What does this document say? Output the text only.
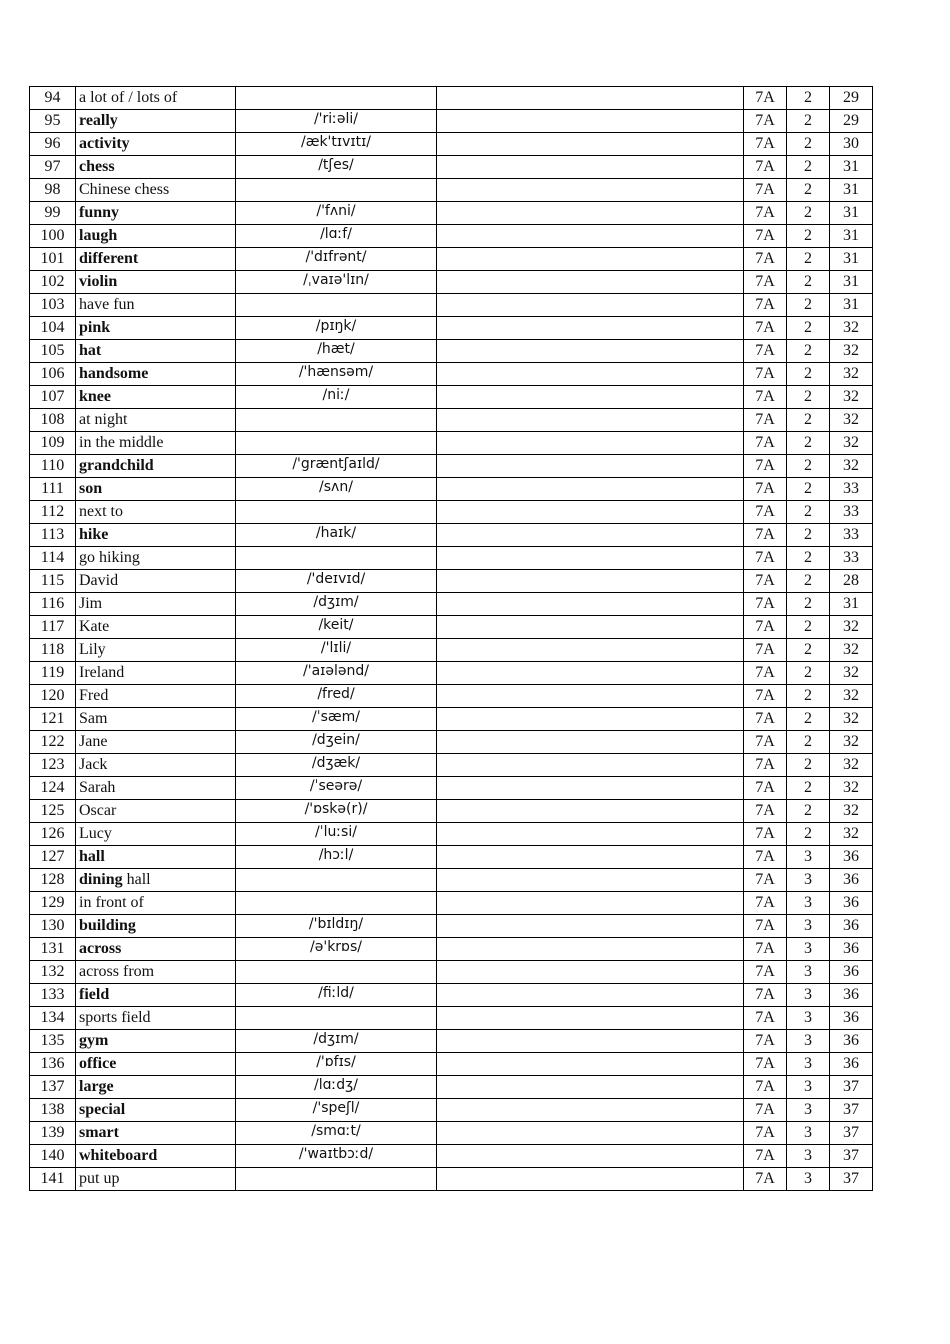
94	a lot of / lots of			7A	2	29
95	really	/'riːəli/		7A	2	29
96	activity	/æk'tɪvɪtɪ/		7A	2	30
97	chess	/tʃes/		7A	2	31
98	Chinese chess			7A	2	31
99	funny	/'fʌni/		7A	2	31
100	laugh	/lɑːf/		7A	2	31
101	different	/'dɪfrənt/		7A	2	31
102	violin	/ˌvaɪə'lɪn/		7A	2	31
103	have fun			7A	2	31
104	pink	/pɪŋk/		7A	2	32
105	hat	/hæt/		7A	2	32
106	handsome	/'hænsəm/		7A	2	32
107	knee	/niː/		7A	2	32
108	at night			7A	2	32
109	in the middle			7A	2	32
110	grandchild	/'græntʃaɪld/		7A	2	32
111	son	/sʌn/		7A	2	33
112	next to			7A	2	33
113	hike	/haɪk/		7A	2	33
114	go hiking			7A	2	33
115	David	/'deɪvɪd/		7A	2	28
116	Jim	/dʒɪm/		7A	2	31
117	Kate	/keit/		7A	2	32
118	Lily	/'lɪli/		7A	2	32
119	Ireland	/'aɪələnd/		7A	2	32
120	Fred	/fred/		7A	2	32
121	Sam	/ˈsæm/		7A	2	32
122	Jane	/dʒein/		7A	2	32
123	Jack	/dʒæk/		7A	2	32
124	Sarah	/ˈseərə/		7A	2	32
125	Oscar	/'ɒskə(r)/		7A	2	32
126	Lucy	/ˈluːsi/		7A	2	32
127	hall	/hɔːl/		7A	3	36
128	dining hall			7A	3	36
129	in front of			7A	3	36
130	building	/'bɪldɪŋ/		7A	3	36
131	across	/ə'krɒs/		7A	3	36
132	across from			7A	3	36
133	field	/fiːld/		7A	3	36
134	sports field			7A	3	36
135	gym	/dʒɪm/		7A	3	36
136	office	/'ɒfɪs/		7A	3	36
137	large	/lɑːdʒ/		7A	3	37
138	special	/'speʃl/		7A	3	37
139	smart	/smɑːt/		7A	3	37
140	whiteboard	/'waɪtbɔːd/		7A	3	37
141	put up			7A	3	37
